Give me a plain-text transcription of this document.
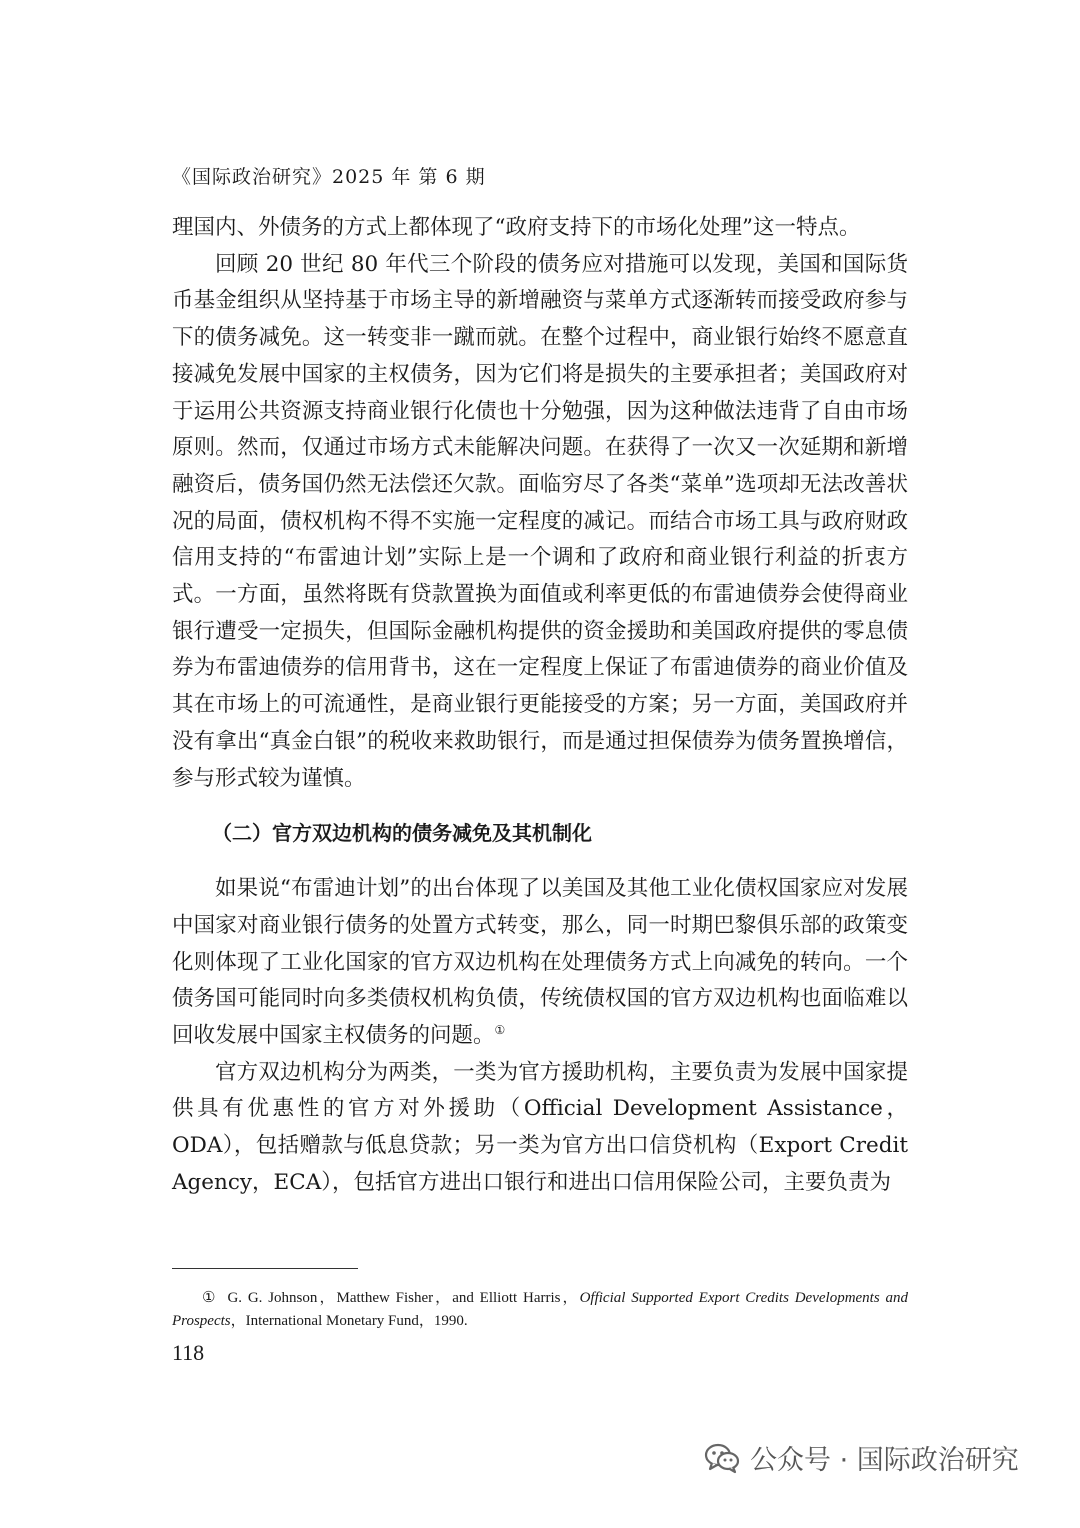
《国际政治研究》2025 年 第 6 期

理国内、外债务的方式上都体现了“政府支持下的市场化处理”这一特点。

回顾 20 世纪 80 年代三个阶段的债务应对措施可以发现，美国和国际货币基金组织从坚持基于市场主导的新增融资与菜单方式逐渐转而接受政府参与下的债务减免。这一转变非一蹴而就。在整个过程中，商业银行始终不愿意直接减免发展中国家的主权债务，因为它们将是损失的主要承担者；美国政府对于运用公共资源支持商业银行化债也十分勉强，因为这种做法违背了自由市场原则。然而，仅通过市场方式未能解决问题。在获得了一次又一次延期和新增融资后，债务国仍然无法偿还欠款。面临穷尽了各类“菜单”选项却无法改善状况的局面，债权机构不得不实施一定程度的减记。而结合市场工具与政府财政信用支持的“布雷迪计划”实际上是一个调和了政府和商业银行利益的折衷方式。一方面，虽然将既有贷款置换为面值或利率更低的布雷迪债券会使得商业银行遭受一定损失，但国际金融机构提供的资金援助和美国政府提供的零息债券为布雷迪债券的信用背书，这在一定程度上保证了布雷迪债券的商业价值及其在市场上的可流通性，是商业银行更能接受的方案；另一方面，美国政府并没有拿出“真金白银”的税收来救助银行，而是通过担保债券为债务置换增信，参与形式较为谨慎。

（二）官方双边机构的债务减免及其机制化

如果说“布雷迪计划”的出台体现了以美国及其他工业化债权国家应对发展中国家对商业银行债务的处置方式转变，那么，同一时期巴黎俱乐部的政策变化则体现了工业化国家的官方双边机构在处理债务方式上向减免的转向。一个债务国可能同时向多类债权机构负债，传统债权国的官方双边机构也面临难以回收发展中国家主权债务的问题。①

官方双边机构分为两类，一类为官方援助机构，主要负责为发展中国家提供具有优惠性的官方对外援助（Official Development Assistance，ODA），包括赠款与低息贷款；另一类为官方出口信贷机构（Export Credit Agency，ECA），包括官方进出口银行和进出口信用保险公司，主要负责为

① G. G. Johnson，Matthew Fisher，and Elliott Harris，Official Supported Export Credits Developments and Prospects，International Monetary Fund，1990.
118
公众号 · 国际政治研究
